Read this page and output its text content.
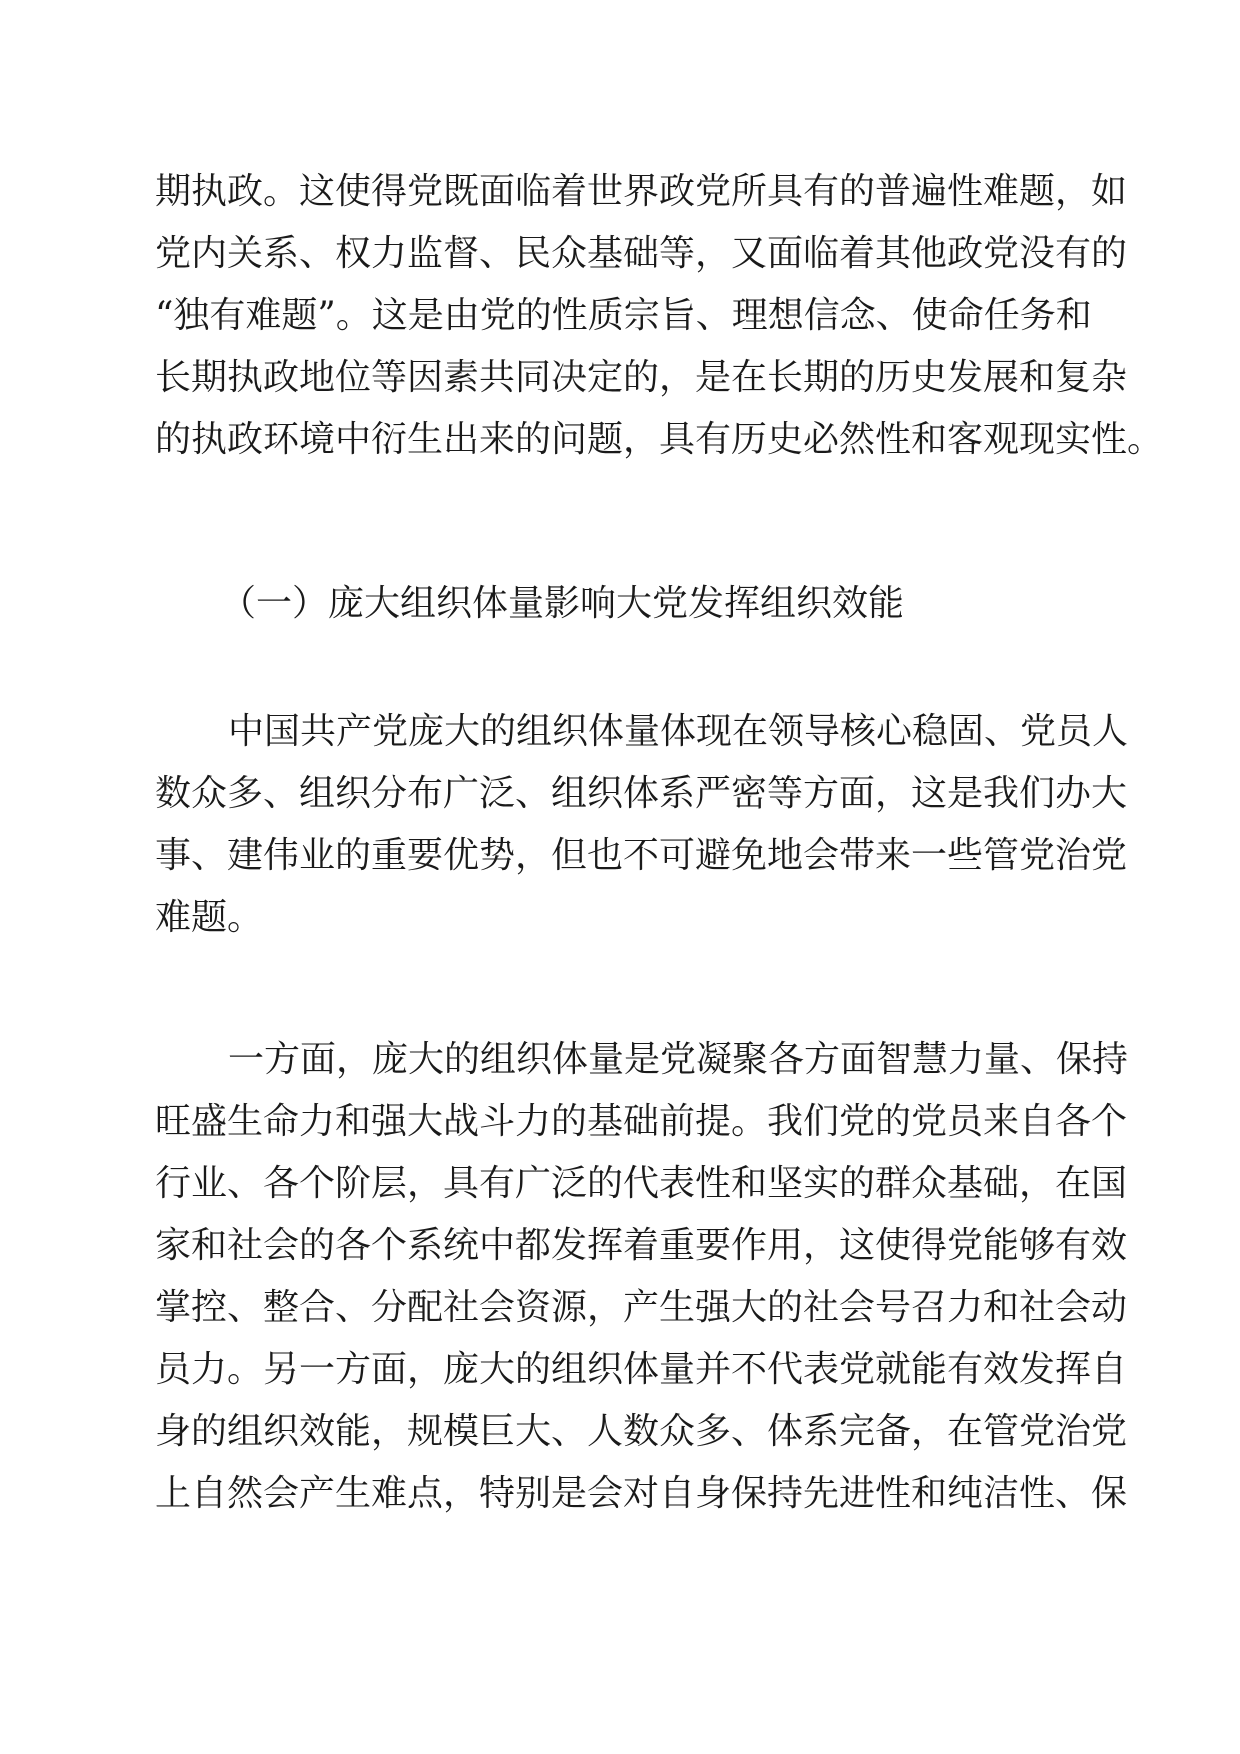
期执政。这使得党既面临着世界政党所具有的普遍性难题，如
党内关系、权力监督、民众基础等，又面临着其他政党没有的
“独有难题”。这是由党的性质宗旨、理想信念、使命任务和
长期执政地位等因素共同决定的，是在长期的历史发展和复杂
的执政环境中衍生出来的问题，具有历史必然性和客观现实性。
（一）庞大组织体量影响大党发挥组织效能
中国共产党庞大的组织体量体现在领导核心稳固、党员人
数众多、组织分布广泛、组织体系严密等方面，这是我们办大
事、建伟业的重要优势，但也不可避免地会带来一些管党治党
难题。
一方面，庞大的组织体量是党凝聚各方面智慧力量、保持
旺盛生命力和强大战斗力的基础前提。我们党的党员来自各个
行业、各个阶层，具有广泛的代表性和坚实的群众基础，在国
家和社会的各个系统中都发挥着重要作用，这使得党能够有效
掌控、整合、分配社会资源，产生强大的社会号召力和社会动
员力。另一方面，庞大的组织体量并不代表党就能有效发挥自
身的组织效能，规模巨大、人数众多、体系完备，在管党治党
上自然会产生难点，特别是会对自身保持先进性和纯洁性、保
